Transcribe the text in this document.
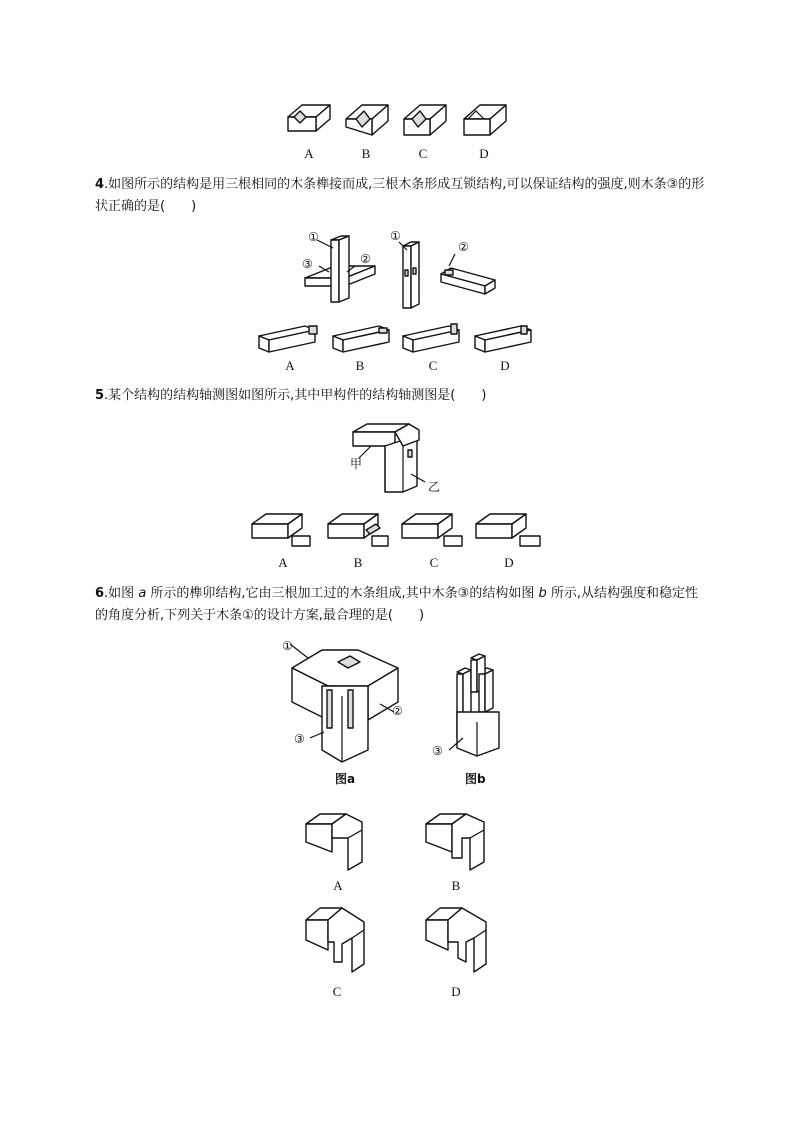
A	B	C	D
4.如图所示的结构是用三根相同的木条榫接而成,三根木条形成互锁结构,可以保证结构的强度,则木条③的形状正确的是(　　)
①
②
③
①
②
A	B	C	D
5.某个结构的结构轴测图如图所示,其中甲构件的结构轴测图是(　　)
甲
乙
A	B	C	D
6.如图 a 所示的榫卯结构,它由三根加工过的木条组成,其中木条③的结构如图 b 所示,从结构强度和稳定性的角度分析,下列关于木条①的设计方案,最合理的是(　　)
①
②
③
图a
③
图b
A	B
C	D
